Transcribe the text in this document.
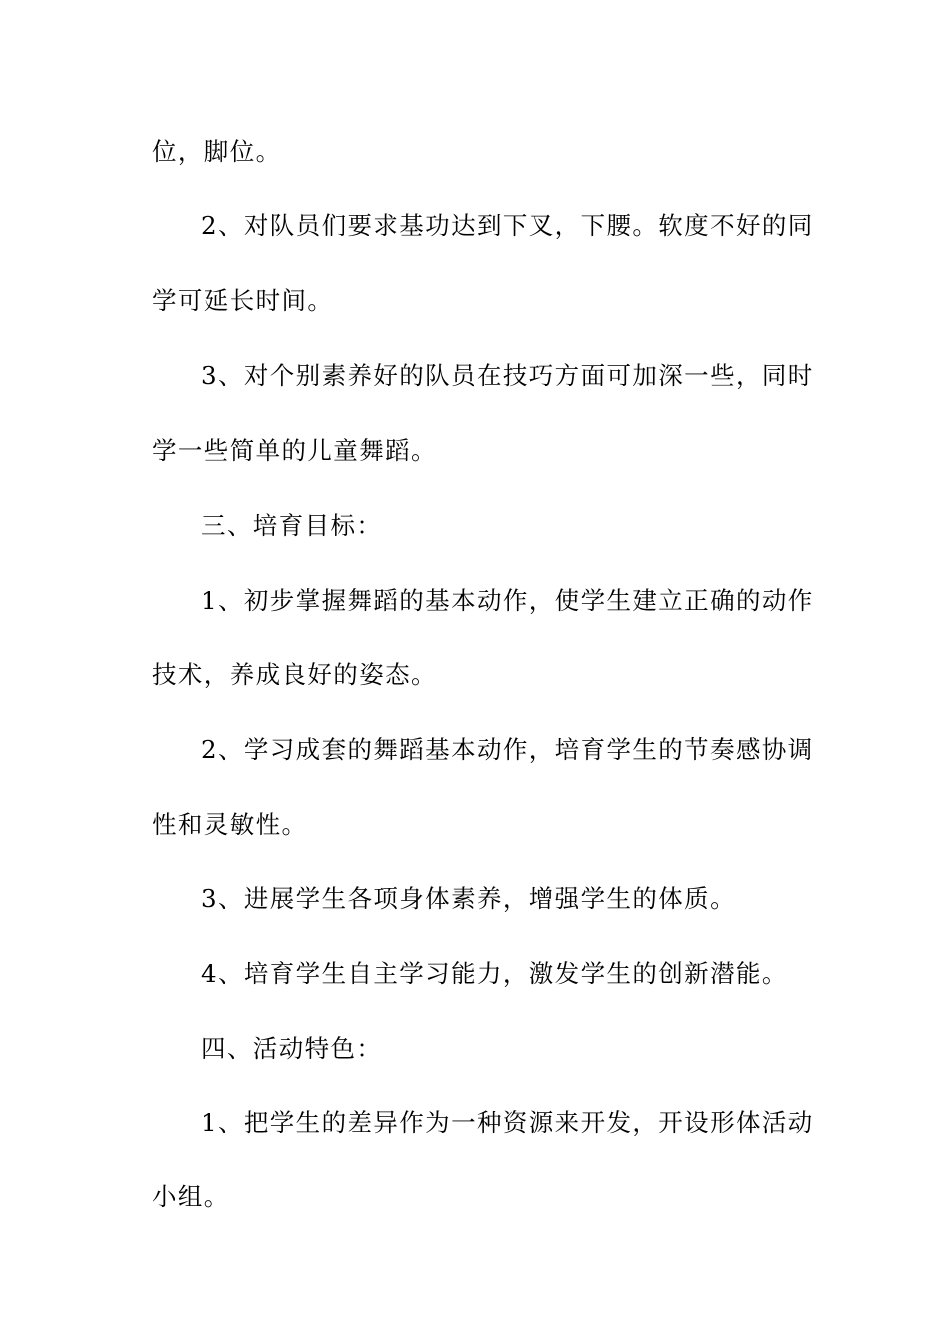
位，脚位。
2、对队员们要求基功达到下叉，下腰。软度不好的同
学可延长时间。
3、对个别素养好的队员在技巧方面可加深一些，同时
学一些简单的儿童舞蹈。
三、培育目标：
1、初步掌握舞蹈的基本动作，使学生建立正确的动作
技术，养成良好的姿态。
2、学习成套的舞蹈基本动作，培育学生的节奏感协调
性和灵敏性。
3、进展学生各项身体素养，增强学生的体质。
4、培育学生自主学习能力，激发学生的创新潜能。
四、活动特色：
1、把学生的差异作为一种资源来开发，开设形体活动
小组。
